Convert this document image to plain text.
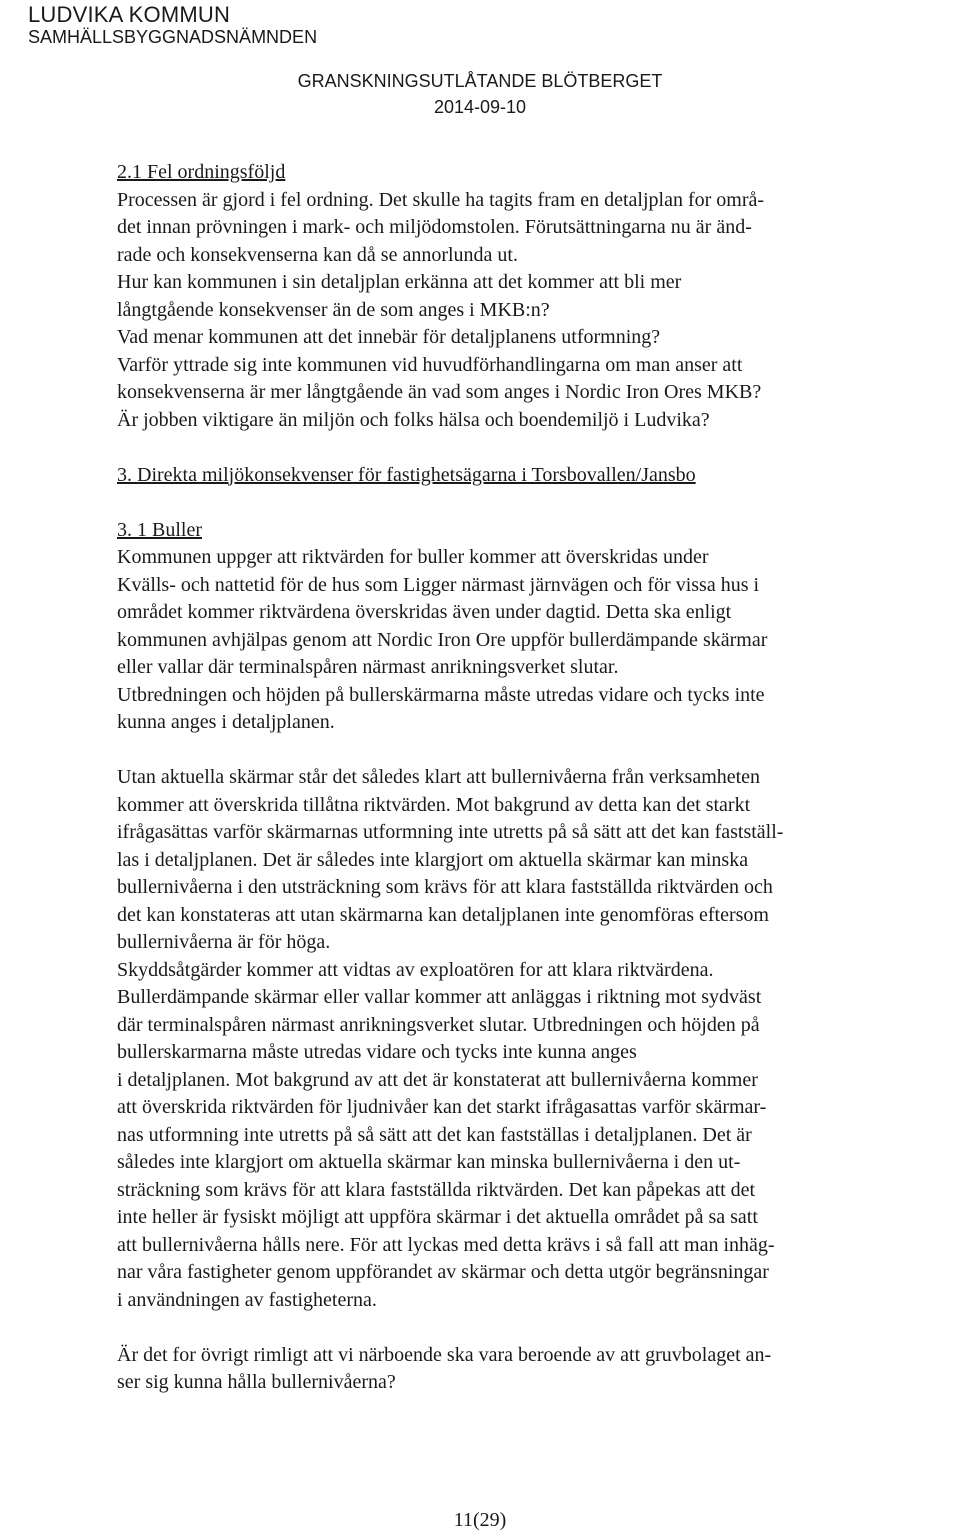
LUDVIKA KOMMUN
SAMHÄLLSBYGGNADSNÄMNDEN
GRANSKNINGSUTLÅTANDE BLÖTBERGET
2014-09-10

2.1 Fel ordningsföljd

Processen är gjord i fel ordning. Det skulle ha tagits fram en detaljplan for områ-

det innan prövningen i mark- och miljödomstolen. Förutsättningarna nu är änd-

rade och konsekvenserna kan då se annorlunda ut.

Hur kan kommunen i sin detaljplan erkänna att det kommer att bli mer

långtgående konsekvenser än de som anges i MKB:n?

Vad menar kommunen att det innebär för detaljplanens utformning?

Varför yttrade sig inte kommunen vid huvudförhandlingarna om man anser att

konsekvenserna är mer långtgående än vad som anges i Nordic Iron Ores MKB?

Är jobben viktigare än miljön och folks hälsa och boendemiljö i Ludvika?

3. Direkta miljökonsekvenser för fastighetsägarna i Torsbovallen/Jansbo

3. 1 Buller

Kommunen uppger att riktvärden for buller kommer att överskridas under

Kvälls- och nattetid för de hus som Ligger närmast järnvägen och för vissa hus i

området kommer riktvärdena överskridas även under dagtid. Detta ska enligt

kommunen avhjälpas genom att Nordic Iron Ore uppför bullerdämpande skärmar

eller vallar där terminalspåren närmast anrikningsverket slutar.

Utbredningen och höjden på bullerskärmarna måste utredas vidare och tycks inte

kunna anges i detaljplanen.

Utan aktuella skärmar står det således klart att bullernivåerna från verksamheten

kommer att överskrida tillåtna riktvärden. Mot bakgrund av detta kan det starkt

ifrågasättas varför skärmarnas utformning inte utretts på så sätt att det kan fastställ-

las i detaljplanen. Det är således inte klargjort om aktuella skärmar kan minska

bullernivåerna i den utsträckning som krävs för att klara fastställda riktvärden och

det kan konstateras att utan skärmarna kan detaljplanen inte genomföras eftersom

bullernivåerna är för höga.

Skyddsåtgärder kommer att vidtas av exploatören for att klara riktvärdena.

Bullerdämpande skärmar eller vallar kommer att anläggas i riktning mot sydväst

där terminalspåren närmast anrikningsverket slutar. Utbredningen och höjden på

bullerskarmarna måste utredas vidare och tycks inte kunna anges

i detaljplanen. Mot bakgrund av att det är konstaterat att bullernivåerna kommer

att överskrida riktvärden för ljudnivåer kan det starkt ifrågasattas varför skärmar-

nas utformning inte utretts på så sätt att det kan fastställas i detaljplanen. Det är

således inte klargjort om aktuella skärmar kan minska bullernivåerna i den ut-

sträckning som krävs för att klara fastställda riktvärden. Det kan påpekas att det

inte heller är fysiskt möjligt att uppföra skärmar i det aktuella området på sa satt

att bullernivåerna hålls nere. För att lyckas med detta krävs i så fall att man inhäg-

nar våra fastigheter genom uppförandet av skärmar och detta utgör begränsningar

i användningen av fastigheterna.

Är det for övrigt rimligt att vi närboende ska vara beroende av att gruvbolaget an-

ser sig kunna hålla bullernivåerna?

11(29)
